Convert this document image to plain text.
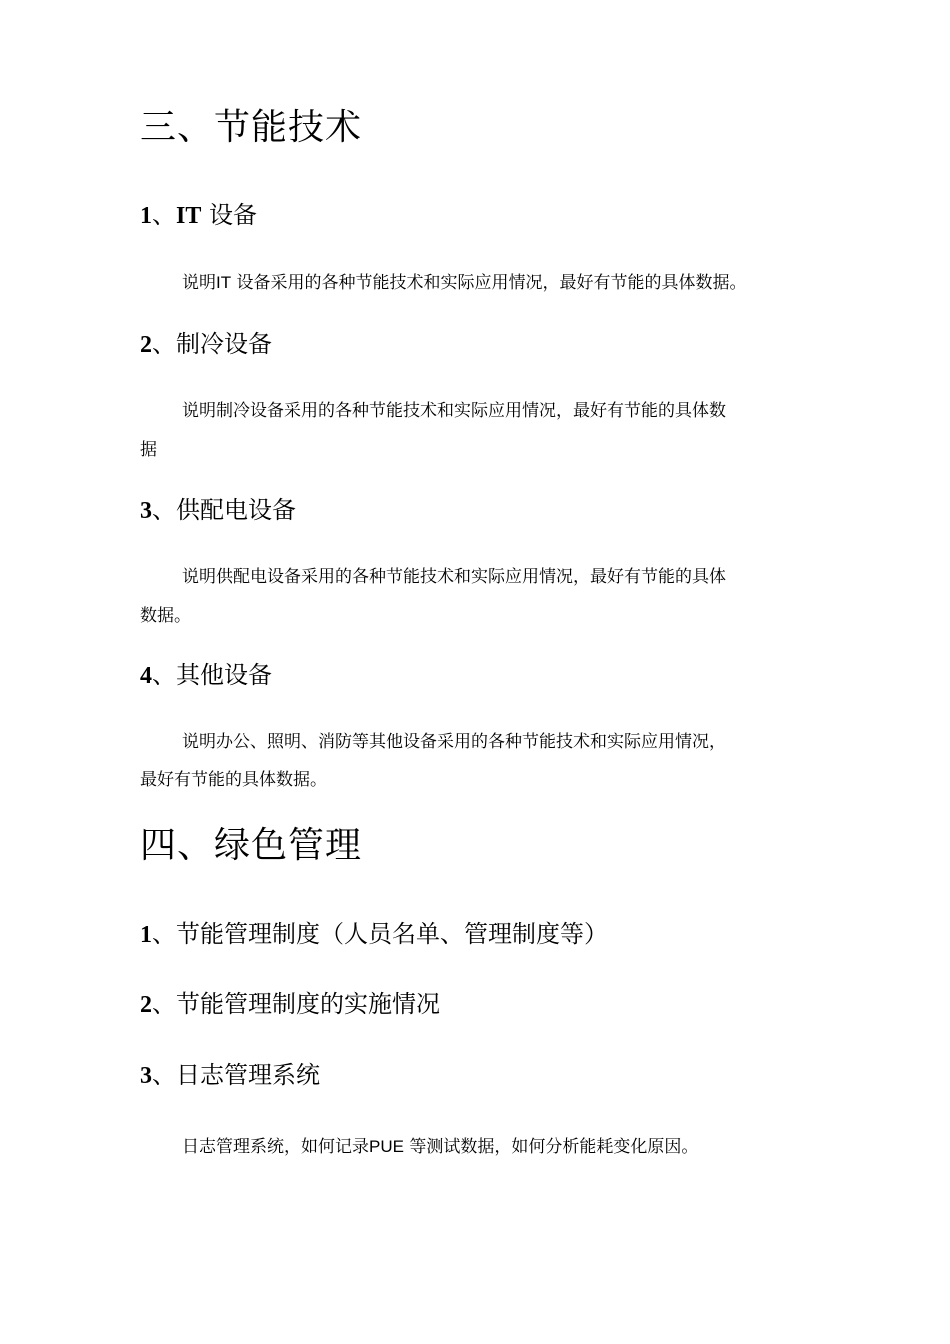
三、节能技术
1、IT 设备
说明IT 设备采用的各种节能技术和实际应用情况，最好有节能的具体数据。
2、制冷设备
说明制冷设备采用的各种节能技术和实际应用情况，最好有节能的具体数
据
3、供配电设备
说明供配电设备采用的各种节能技术和实际应用情况，最好有节能的具体
数据。
4、其他设备
说明办公、照明、消防等其他设备采用的各种节能技术和实际应用情况，
最好有节能的具体数据。
四、绿色管理
1、节能管理制度（人员名单、管理制度等）
2、节能管理制度的实施情况
3、日志管理系统
日志管理系统，如何记录PUE 等测试数据，如何分析能耗变化原因。
